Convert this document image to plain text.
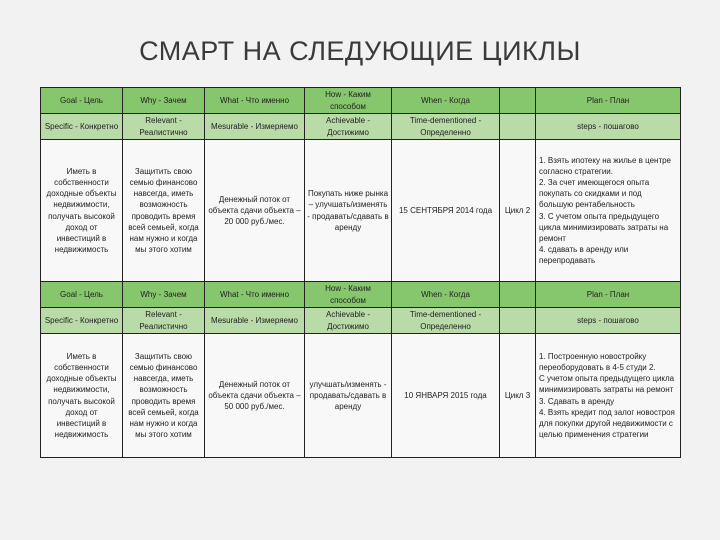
СМАРТ НА СЛЕДУЮЩИЕ ЦИКЛЫ
Goal - Цель	Why - Зачем	What - Что именно	How - Каким способом	When - Когда		Plan - План
Specific - Конкретно	Relevant - Реалистично	Mesurable - Измеряемо	Achievable - Достижимо	Time-dementioned - Определенно		steps - пошагово
Иметь в собственности доходные объекты недвижимости, получать высокой доход от инвестиций в недвижимость	Защитить свою семью финансово навсегда, иметь возможность проводить время всей семьей, когда нам нужно и когда мы этого хотим	Денежный поток от объекта сдачи объекта – 20 000 руб./мес.	Покупать ниже рынка – улучшать/изменять - продавать/сдавать в аренду	15 СЕНТЯБРЯ 2014 года	Цикл 2	1. Взять ипотеку на жилье в центре согласно стратегии.
2. За счет имеющегося опыта покупать со скидками и под большую рентабельность
3. С учетом опыта предыдущего цикла минимизировать затраты на ремонт
4. сдавать в аренду или перепродавать

Goal - Цель	Why - Зачем	What - Что именно	How - Каким способом	When - Когда		Plan - План
Specific - Конкретно	Relevant - Реалистично	Mesurable - Измеряемо	Achievable - Достижимо	Time-dementioned - Определенно		steps - пошагово
Иметь в собственности доходные объекты недвижимости, получать высокой доход от инвестиций в недвижимость	Защитить свою семью финансово навсегда, иметь возможность проводить время всей семьей, когда нам нужно и когда мы этого хотим	Денежный поток от объекта сдачи объекта – 50 000 руб./мес.	улучшать/изменять - продавать/сдавать в аренду	10 ЯНВАРЯ 2015 года	Цикл 3	1. Построенную новостройку переоборудовать в 4-5 студи 2.
С учетом опыта предыдущего цикла минимизировать затраты на ремонт
3. Сдавать в аренду
4. Взять кредит под залог новостроя для покупки другой недвижимости с целью применения стратегии
